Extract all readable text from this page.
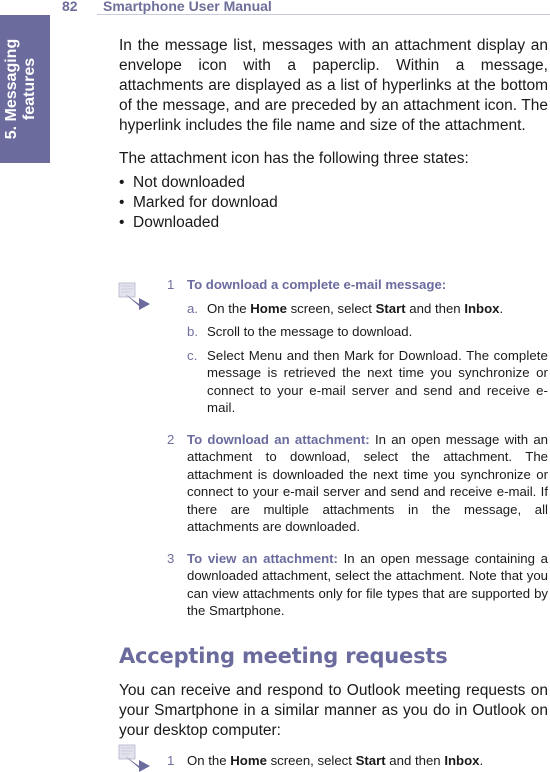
82 Smartphone User Manual
5. Messaging features

In the message list, messages with an attachment display an envelope icon with a paperclip. Within a message, attachments are displayed as a list of hyperlinks at the bottom of the message, and are preceded by an attachment icon. The hyperlink includes the file name and size of the attachment.

The attachment icon has the following three states:

• Not downloaded
• Marked for download
• Downloaded
1 To download a complete e-mail message:
a. On the Home screen, select Start and then Inbox.
b. Scroll to the message to download.
c. Select Menu and then Mark for Download. The complete message is retrieved the next time you synchronize or connect to your e-mail server and send and receive e-mail.
2 To download an attachment: In an open message with an attachment to download, select the attachment. The attachment is downloaded the next time you synchronize or connect to your e-mail server and send and receive e-mail. If there are multiple attachments in the message, all attachments are downloaded.
3 To view an attachment: In an open message containing a downloaded attachment, select the attachment. Note that you can view attachments only for file types that are supported by the Smartphone.
Accepting meeting requests
You can receive and respond to Outlook meeting requests on your Smartphone in a similar manner as you do in Outlook on your desktop computer:
1 On the Home screen, select Start and then Inbox.
